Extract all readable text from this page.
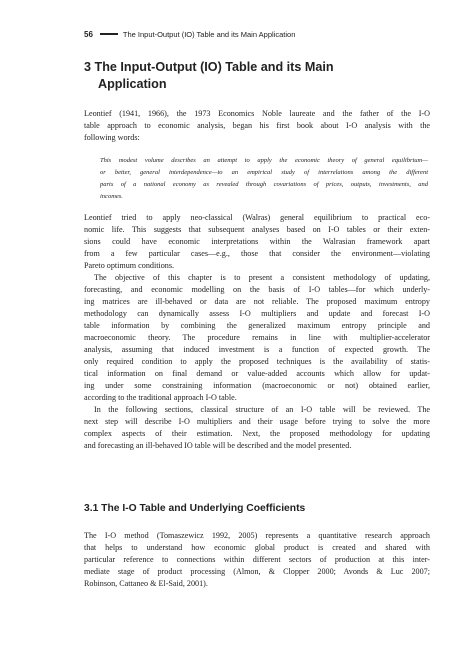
56	The Input-Output (IO) Table and its Main Application
3 The Input-Output (IO) Table and its Main
Application

Leontief (1941, 1966), the 1973 Economics Noble laureate and the father of the I-O
table approach to economic analysis, began his first book about I-O analysis with the
following words:

This modest volume describes an attempt to apply the economic theory of general equilibrium—
or better, general interdependence—to an empirical study of interrelations among the different
parts of a national economy as revealed through covariations of prices, outputs, investments, and
incomes.

Leontief tried to apply neo-classical (Walras) general equilibrium to practical eco-
nomic life. This suggests that subsequent analyses based on I-O tables or their exten-
sions could have economic interpretations within the Walrasian framework apart
from a few particular cases—e.g., those that consider the environment—violating
Pareto optimum conditions.

The objective of this chapter is to present a consistent methodology of updating,
forecasting, and economic modelling on the basis of I-O tables—for which underly-
ing matrices are ill-behaved or data are not reliable. The proposed maximum entropy
methodology can dynamically assess I-O multipliers and update and forecast I-O
table information by combining the generalized maximum entropy principle and
macroeconomic theory. The procedure remains in line with multiplier-accelerator
analysis, assuming that induced investment is a function of expected growth. The
only required condition to apply the proposed techniques is the availability of statis-
tical information on final demand or value-added accounts which allow for updat-
ing under some constraining information (macroeconomic or not) obtained earlier,
according to the traditional approach I-O table.

In the following sections, classical structure of an I-O table will be reviewed. The
next step will describe I-O multipliers and their usage before trying to solve the more
complex aspects of their estimation. Next, the proposed methodology for updating
and forecasting an ill-behaved IO table will be described and the model presented.

3.1 The I-O Table and Underlying Coefficients

The I-O method (Tomaszewicz 1992, 2005) represents a quantitative research approach
that helps to understand how economic global product is created and shared with
particular reference to connections within different sectors of production at this inter-
mediate stage of product processing (Almon, & Clopper 2000; Avonds & Luc 2007;
Robinson, Cattaneo & El-Said, 2001).
